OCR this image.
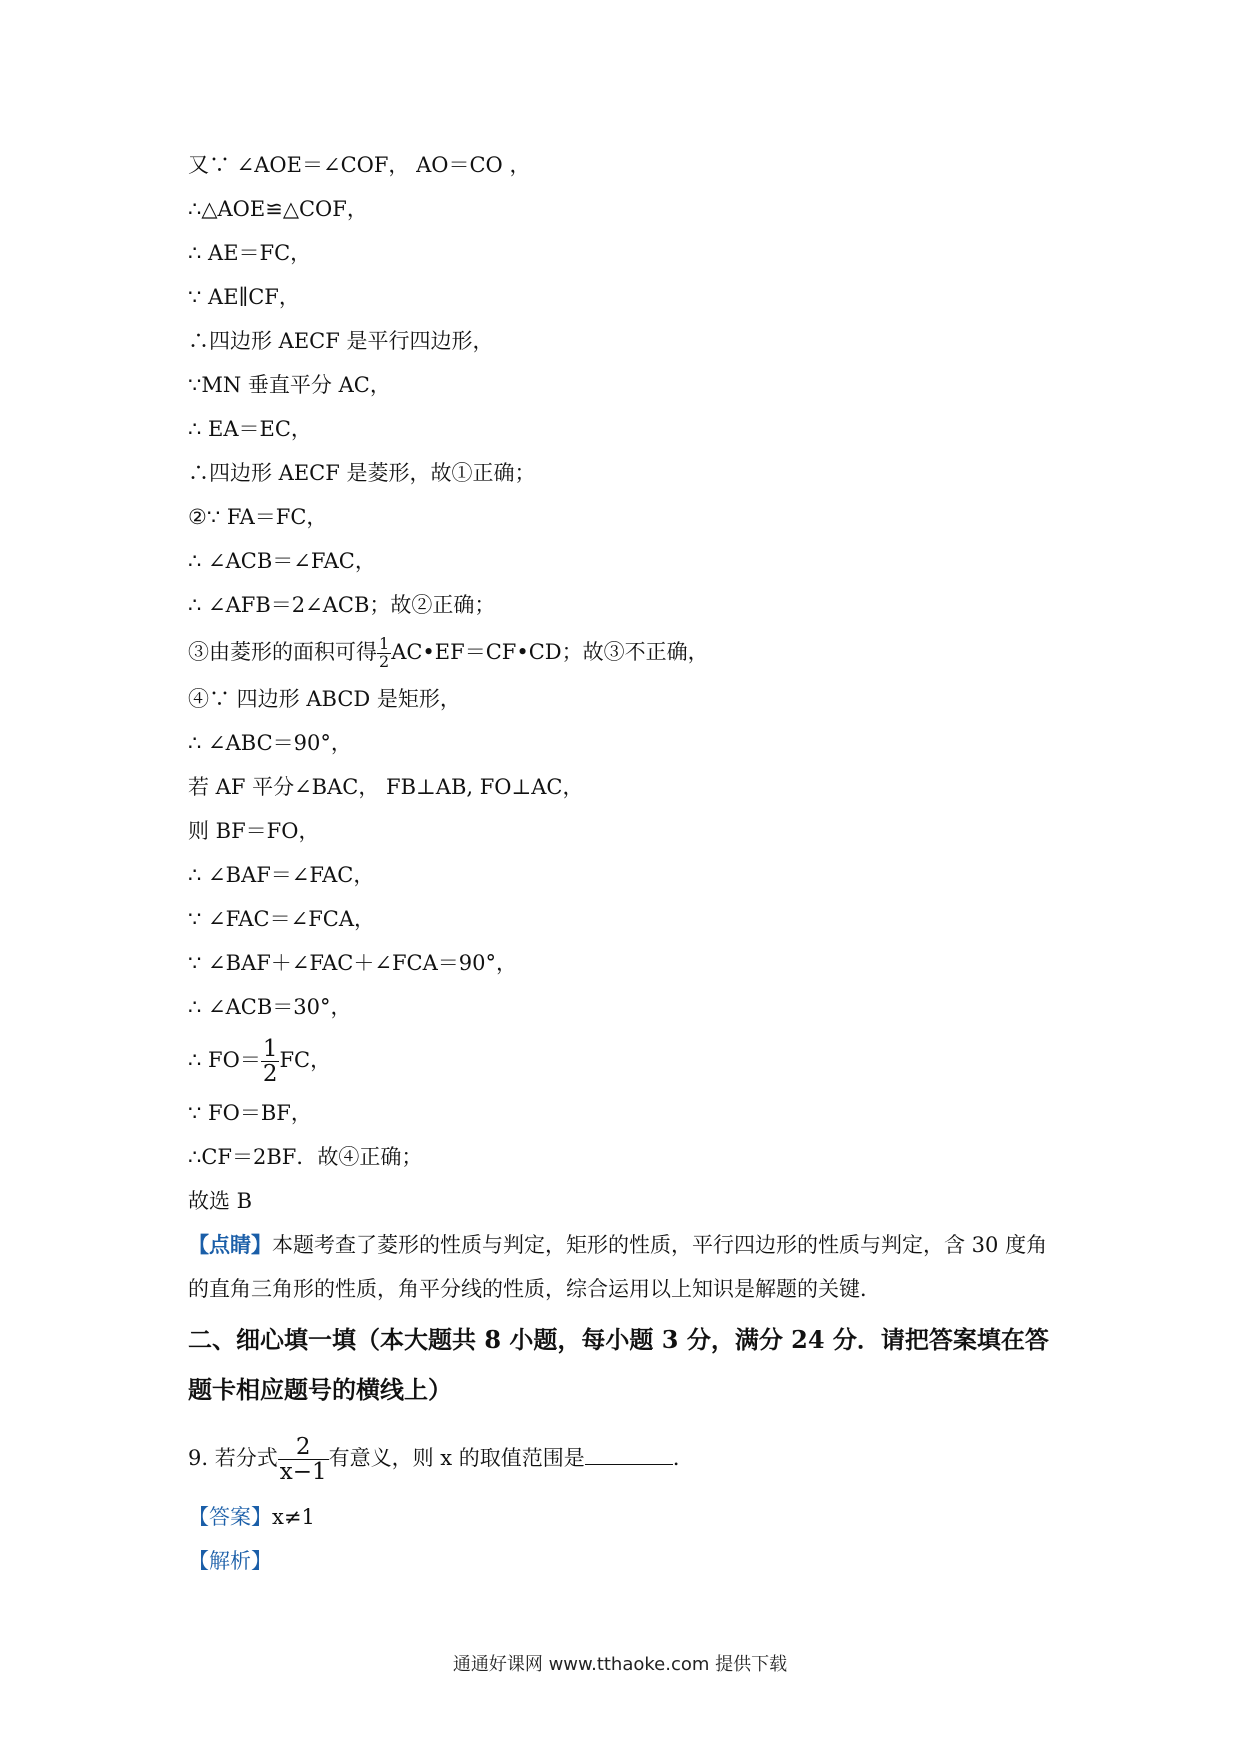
又∵ ∠AOE＝∠COF， AO＝CO ，
∴△AOE≌△COF，
∴ AE＝FC，
∵ AE∥CF，
∴四边形 AECF 是平行四边形，
∵MN 垂直平分 AC，
∴ EA＝EC，
∴四边形 AECF 是菱形，故①正确；
②∵ FA＝FC，
∴ ∠ACB＝∠FAC，
∴ ∠AFB＝2∠ACB；故②正确；
③由菱形的面积可得 $\frac{1}{2}$ AC•EF＝CF•CD；故③不正确，
④∵ 四边形 ABCD 是矩形，
∴ ∠ABC＝90°，
若 AF 平分∠BAC， FB⊥AB, FO⊥AC，
则 BF＝FO，
∴ ∠BAF＝∠FAC，
∵ ∠FAC＝∠FCA，
∵ ∠BAF＋∠FAC＋∠FCA＝90°，
∴ ∠ACB＝30°，
∴ $FO= \frac{1}{2}$ FC，
∵ FO＝BF，
∴CF＝2BF．故④正确；
故选 B
【点睛】本题考查了菱形的性质与判定，矩形的性质，平行四边形的性质与判定，含 30 度角的直角三角形的性质，角平分线的性质，综合运用以上知识是解题的关键．
二、细心填一填（本大题共 8 小题，每小题 3 分，满分 24 分．请把答案填在答题卡相应题号的横线上）
9. 若分式 $\frac{2}{x-1}$ 有意义，则 x 的取值范围是	．
【答案】x≠1
【解析】
通通好课网 www.tthaoke.com 提供下载
